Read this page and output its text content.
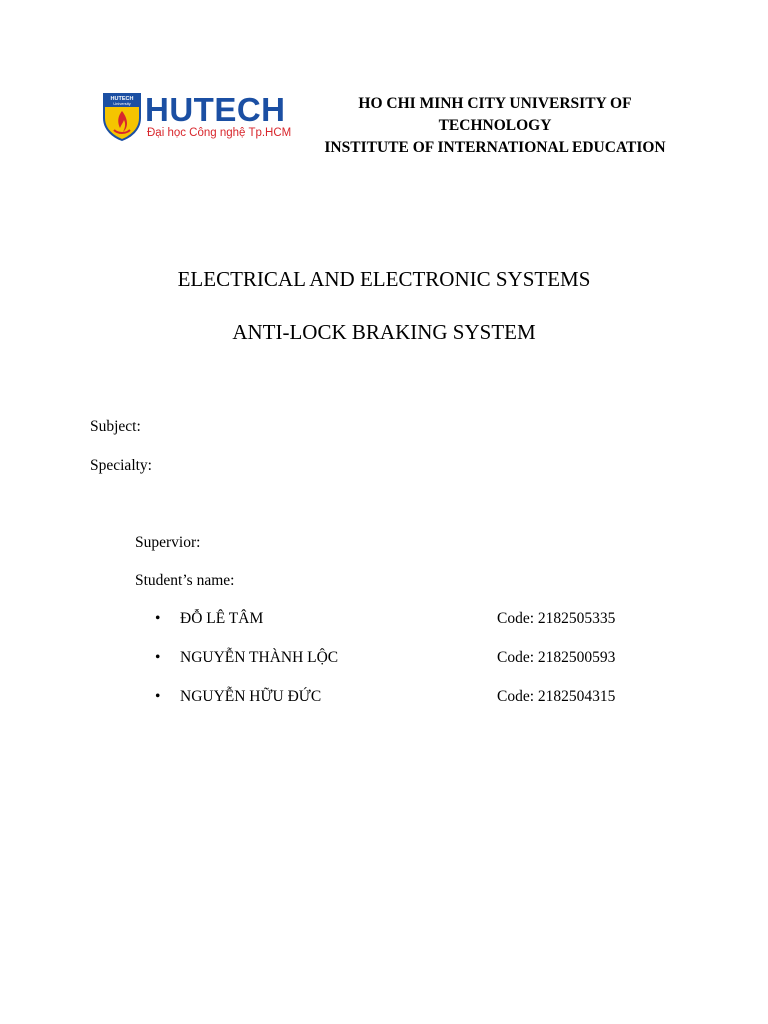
HUTECH
University HUTECH
Đại học Công nghệ Tp.HCM
HO CHI MINH CITY UNIVERSITY OF
TECHNOLOGY
INSTITUTE OF INTERNATIONAL EDUCATION
ELECTRICAL AND ELECTRONIC SYSTEMS
ANTI-LOCK BRAKING SYSTEM
Subject:
Specialty:
Supervior:
Student’s name:
• ĐỖ LÊ TÂM	Code: 2182505335
• NGUYỄN THÀNH LỘC	Code: 2182500593
• NGUYỄN HỮU ĐỨC	Code: 2182504315
